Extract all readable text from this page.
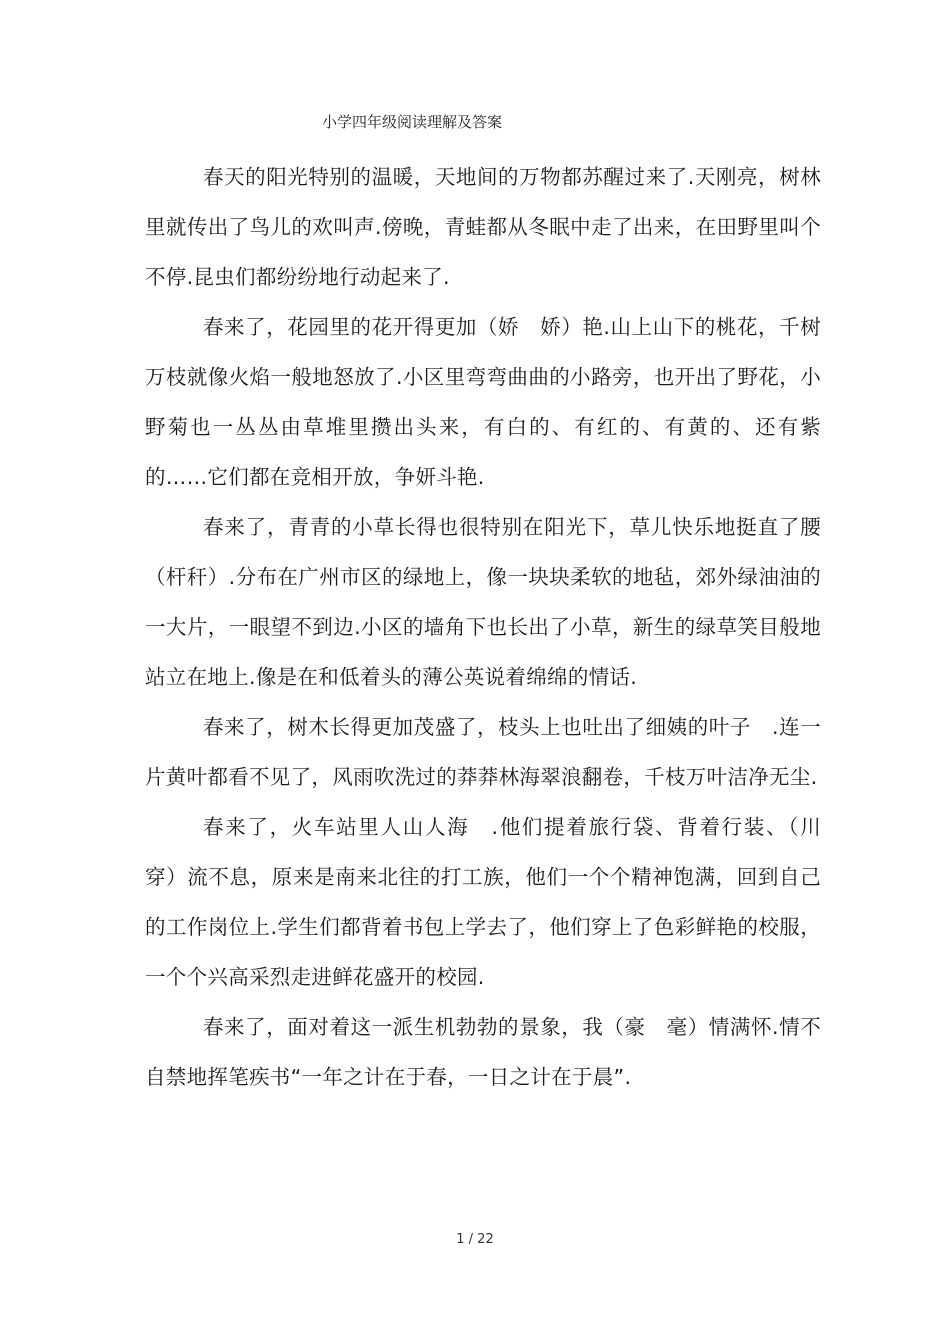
小学四年级阅读理解及答案

春天的阳光特别的温暖，天地间的万物都苏醒过来了.天刚亮，树林里就传出了鸟儿的欢叫声.傍晚，青蛙都从冬眠中走了出来，在田野里叫个不停.昆虫们都纷纷地行动起来了.

春来了，花园里的花开得更加（娇　娇）艳.山上山下的桃花，千树万枝就像火焰一般地怒放了.小区里弯弯曲曲的小路旁，也开出了野花，小野菊也一丛丛由草堆里攒出头来，有白的、有红的、有黄的、还有紫的……它们都在竞相开放，争妍斗艳.

春来了，青青的小草长得也很特别在阳光下，草儿快乐地挺直了腰（杆秆）.分布在广州市区的绿地上，像一块块柔软的地毡，郊外绿油油的一大片，一眼望不到边.小区的墙角下也长出了小草，新生的绿草笑目般地站立在地上.像是在和低着头的薄公英说着绵绵的情话.

春来了，树木长得更加茂盛了，枝头上也吐出了细姨的叶子　.连一片黄叶都看不见了，风雨吹洗过的莽莽林海翠浪翻卷，千枝万叶洁净无尘.

春来了，火车站里人山人海　.他们提着旅行袋、背着行装、（川　穿）流不息，原来是南来北往的打工族，他们一个个精神饱满，回到自己的工作岗位上.学生们都背着书包上学去了，他们穿上了色彩鲜艳的校服，一个个兴高采烈走进鲜花盛开的校园.

春来了，面对着这一派生机勃勃的景象，我（豪　毫）情满怀.情不自禁地挥笔疾书“一年之计在于春，一日之计在于晨”.

1 / 22
